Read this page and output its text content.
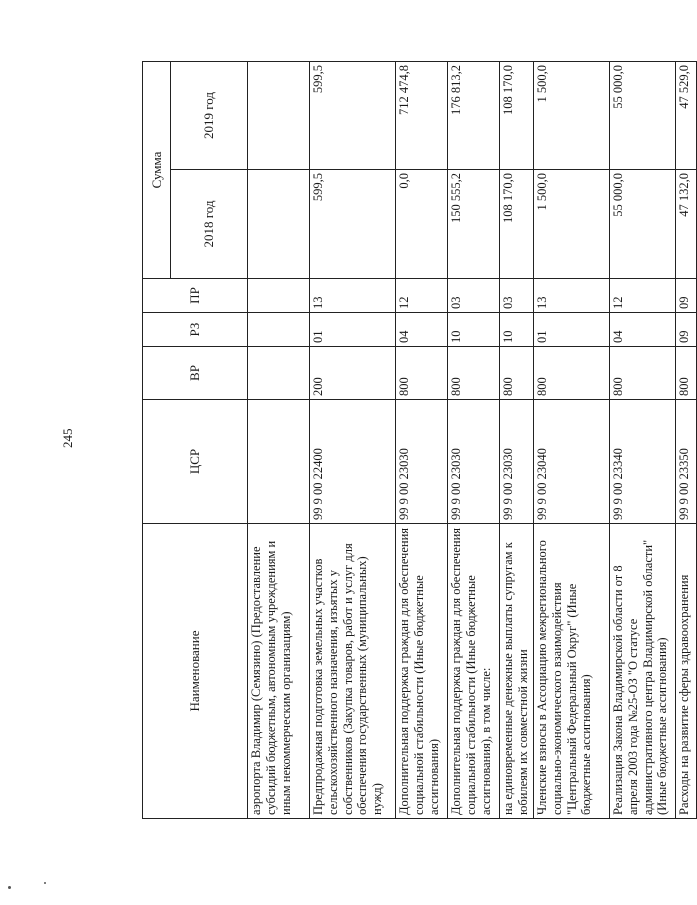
245
Наименование	ЦСР	ВР	РЗ	ПР	Сумма	
					2018 год	2019 год
аэропорта Владимир (Семязино) (Предоставление субсидий бюджетным, автономным учреждениям и иным некоммерческим организациям)						
Предпродажная подготовка земельных участков сельскохозяйственного назначения, изъятых у собственников (Закупка товаров, работ и услуг для обеспечения государственных (муниципальных) нужд)	99 9 00 22400	200	01	13	599,5	599,5
Дополнительная поддержка граждан для обеспечения социальной стабильности (Иные бюджетные ассигнования)	99 9 00 23030	800	04	12	0,0	712 474,8
Дополнительная поддержка граждан для обеспечения социальной стабильности (Иные бюджетные ассигнования), в том числе:	99 9 00 23030	800	10	03	150 555,2	176 813,2
на единовременные денежные выплаты супругам к юбилеям их совместной жизни	99 9 00 23030	800	10	03	108 170,0	108 170,0
Членские взносы в Ассоциацию межрегионального социально-экономического взаимодействия "Центральный Федеральный Округ" (Иные бюджетные ассигнования)	99 9 00 23040	800	01	13	1 500,0	1 500,0
Реализация Закона Владимирской области от 8 апреля 2003 года №25-ОЗ "О статусе административного центра Владимирской области" (Иные бюджетные ассигнования)	99 9 00 23340	800	04	12	55 000,0	55 000,0
Расходы на развитие сферы здравоохранения	99 9 00 23350	800	09	09	47 132,0	47 529,0
